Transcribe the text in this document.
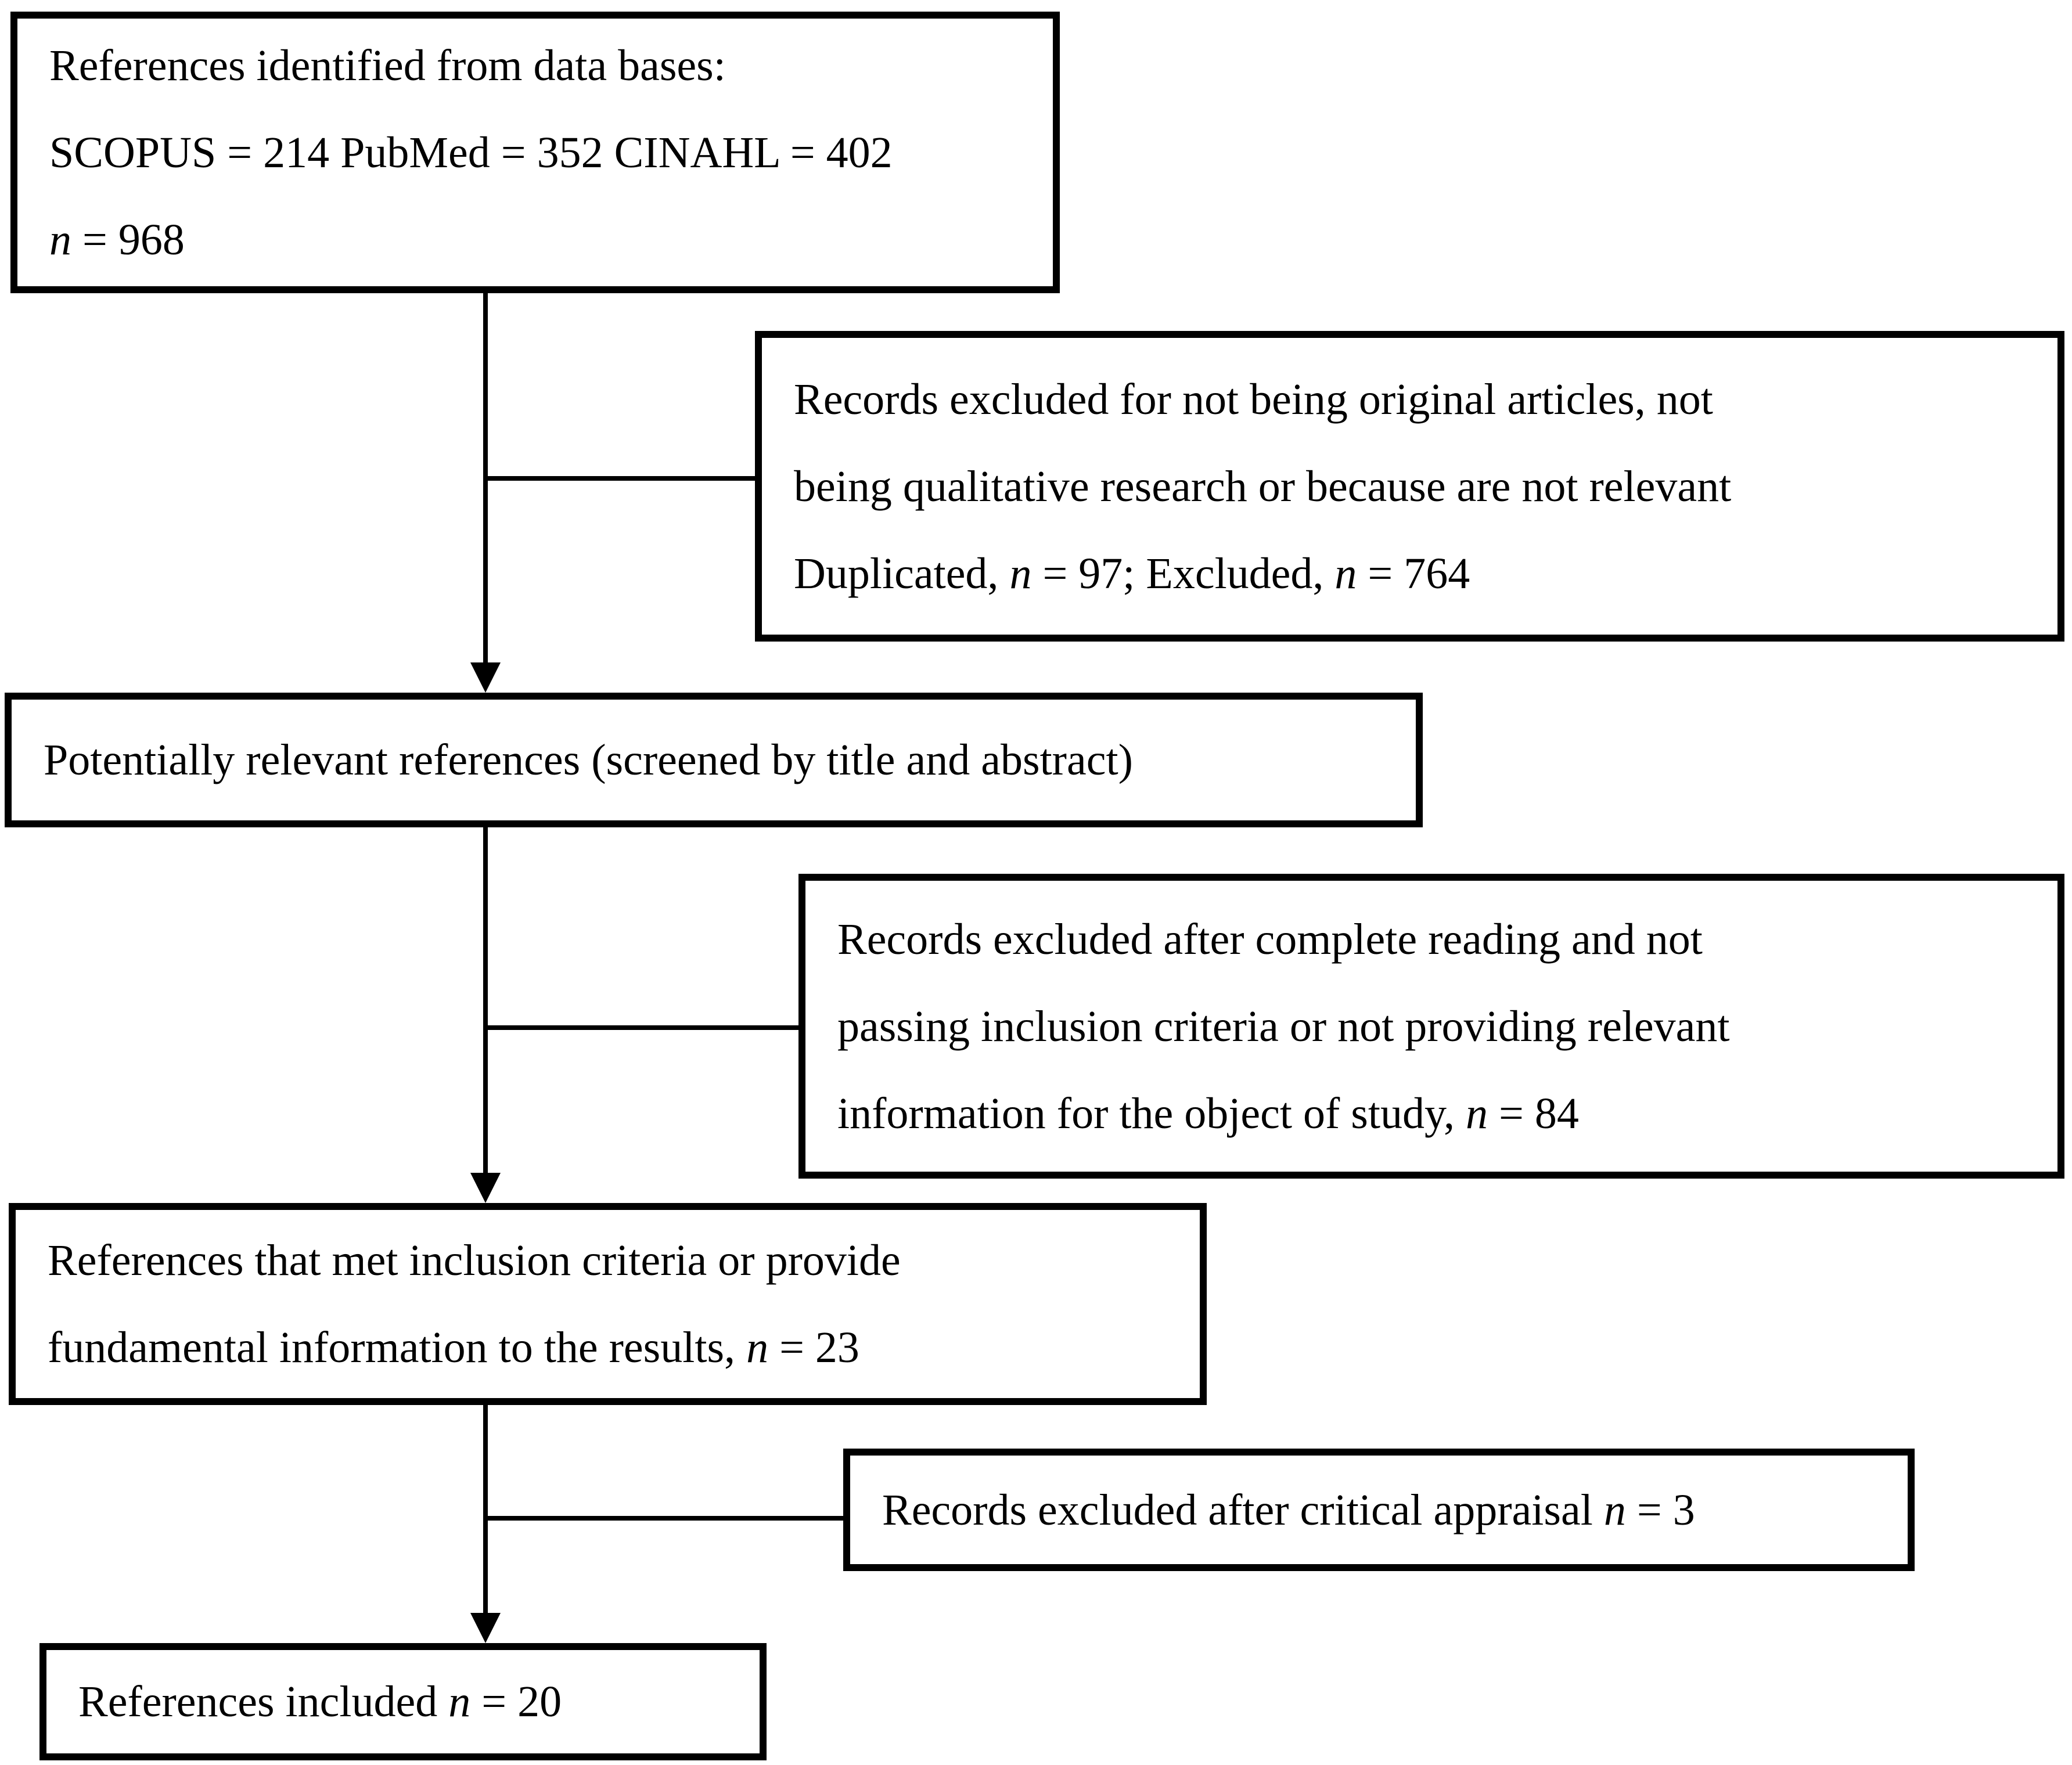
References identified from data bases:
SCOPUS = 214 PubMed = 352 CINAHL = 402
n = 968
Records excluded for not being original articles, not
being qualitative research or because are not relevant
Duplicated, n = 97; Excluded, n = 764
Potentially relevant references (screened by title and abstract)
Records excluded after complete reading and not
passing inclusion criteria or not providing relevant
information for the object of study, n = 84
References that met inclusion criteria or provide
fundamental information to the results, n = 23
Records excluded after critical appraisal n = 3
References included n = 20
